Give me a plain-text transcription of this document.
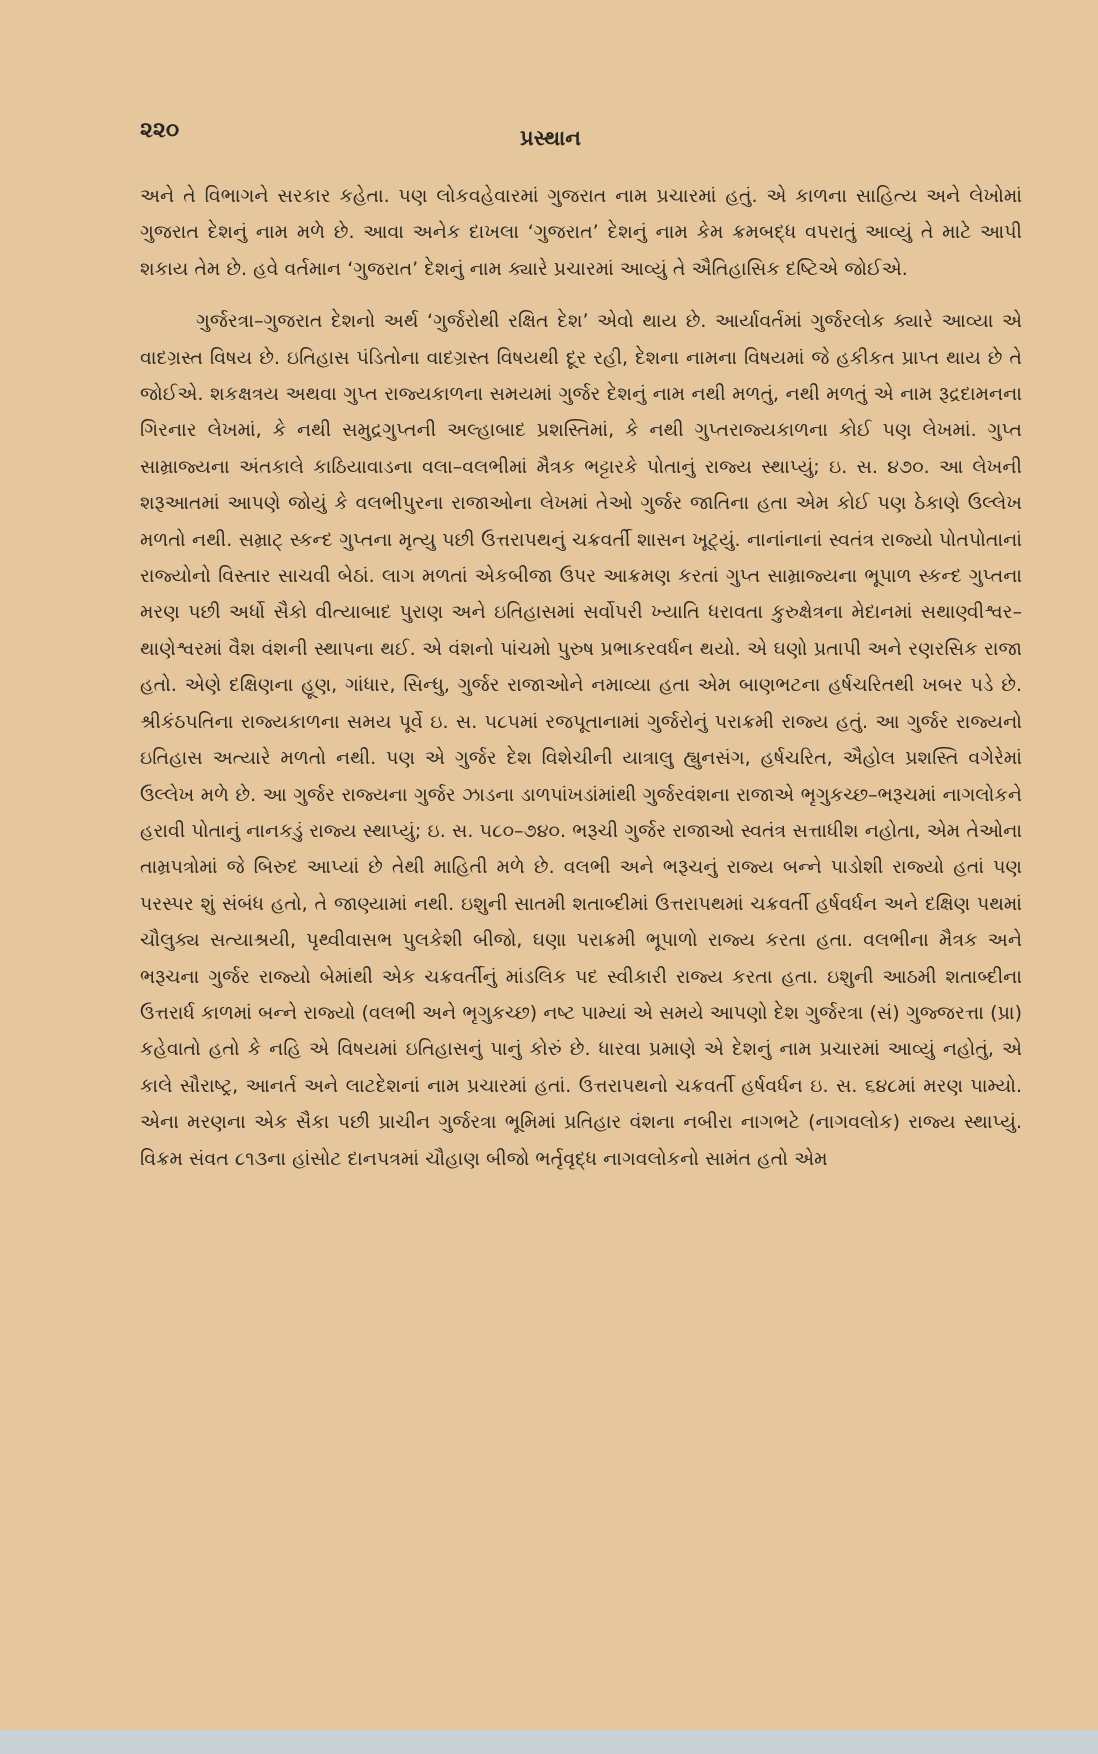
૨૨૦	પ્રસ્થાન

અને તે વિભાગને સરકાર કહેતા. પણ લોકવહેવારમાં ગુજરાત નામ પ્રચારમાં હતું. એ કાળના સાહિત્ય અને લેખોમાં ગુજરાત દેશનું નામ મળે છે. આવા અનેક દાખલા ‘ગુજરાત’ દેશનું નામ કેમ ક્રમબદ્ધ વપરાતું આવ્યું તે માટે આપી શકાય તેમ છે. હવે વર્તમાન ‘ગુજરાત’ દેશનું નામ ક્યારે પ્રચારમાં આવ્યું તે ઐતિહાસિક દષ્ટિએ જોઈએ.

ગુર્જરત્રા–ગુજરાત દેશનો અર્થ ‘ગુર્જરોથી રક્ષિત દેશ’ એવો થાય છે. આર્યાવર્તમાં ગુર્જરલોક ક્યારે આવ્યા એ વાદગ્રસ્ત વિષય છે. ઇતિહાસ પંડિતોના વાદગ્રસ્ત વિષયથી દૂર રહી, દેશના નામના વિષયમાં જે હકીકત પ્રાપ્ત થાય છે તે જોઈએ. શકક્ષત્રય અથવા ગુપ્ત રાજ્યકાળના સમયમાં ગુર્જર દેશનું નામ નથી મળતું, નથી મળતું એ નામ રૂદ્રદામનના ગિરનાર લેખમાં, કે નથી સમુદ્રગુપ્તની અલ્હાબાદ પ્રશસ્તિમાં, કે નથી ગુપ્તરાજ્યકાળના કોઈ પણ લેખમાં. ગુપ્ત સામ્રાજ્યના અંતકાલે કાઠિયાવાડના વલા–વલભીમાં મૈત્રક ભટ્ટારકે પોતાનું રાજ્ય સ્થાપ્યું; ઇ. સ. ૪૭૦. આ લેખની શરૂઆતમાં આપણે જોયું કે વલભીપુરના રાજાઓના લેખમાં તેઓ ગુર્જર જાતિના હતા એમ કોઈ પણ ઠેકાણે ઉલ્લેખ મળતો નથી. સમ્રાટ્ સ્કન્દ ગુપ્તના મૃત્યુ પછી ઉત્તરાપથનું ચક્રવર્તી શાસન ખૂટ્યું. નાનાંનાનાં સ્વતંત્ર રાજ્યો પોતપોતાનાં રાજ્યોનો વિસ્તાર સાચવી બેઠાં. લાગ મળતાં એકબીજા ઉપર આક્રમણ કરતાં ગુપ્ત સામ્રાજ્યના ભૂપાળ સ્કન્દ ગુપ્તના મરણ પછી અર્ધો સૈકો વીત્યાબાદ પુરાણ અને ઇતિહાસમાં સર્વોપરી ખ્યાતિ ધરાવતા કુરુક્ષેત્રના મેદાનમાં સથાણ્વીશ્વર–થાણેશ્વરમાં વૈશ વંશની સ્થાપના થઈ. એ વંશનો પાંચમો પુરુષ પ્રભાકરવર્ધન થયો. એ ઘણો પ્રતાપી અને રણરસિક રાજા હતો. એણે દક્ષિણના હૂણ, ગાંધાર, સિન્ધુ, ગુર્જર રાજાઓને નમાવ્યા હતા એમ બાણભટના હર્ષચરિતથી ખબર પડે છે. શ્રીકંઠપતિના રાજ્યકાળના સમય પૂર્વે ઇ. સ. ૫૮૫માં રજપૂતાનામાં ગુર્જરોનું પરાક્રમી રાજ્ય હતું. આ ગુર્જર રાજ્યનો ઇતિહાસ અત્યારે મળતો નથી. પણ એ ગુર્જર દેશ વિશેચીની યાત્રાલુ હ્યુનસંગ, હર્ષચરિત, ઐહોલ પ્રશસ્તિ વગેરેમાં ઉલ્લેખ મળે છે. આ ગુર્જર રાજ્યના ગુર્જર ઝાડના ડાળપાંખડાંમાંથી ગુર્જરવંશના રાજાએ ભૃગુકચ્છ–ભરૂચમાં નાગલોકને હરાવી પોતાનું નાનકડું રાજ્ય સ્થાપ્યું; ઇ. સ. ૫૮૦–૭૪૦. ભરૂચી ગુર્જર રાજાઓ સ્વતંત્ર સત્તાધીશ નહોતા, એમ તેઓના તામ્રપત્રોમાં જે બિરુદ આપ્યાં છે તેથી માહિતી મળે છે. વલભી અને ભરૂચનું રાજ્ય બન્ને પાડોશી રાજ્યો હતાં પણ પરસ્પર શું સંબંધ હતો, તે જાણ્યામાં નથી. ઇશુની સાતમી શતાબ્દીમાં ઉત્તરાપથમાં ચક્રવર્તી હર્ષવર્ધન અને દક્ષિણ પથમાં ચૌલુક્ય સત્યાશ્રયી, પૃથ્વીવાસભ પુલકેશી બીજો, ઘણા પરાક્રમી ભૂપાળો રાજ્ય કરતા હતા. વલભીના મૈત્રક અને ભરૂચના ગુર્જર રાજ્યો બેમાંથી એક ચક્રવર્તીનું માંડલિક પદ સ્વીકારી રાજ્ય કરતા હતા. ઇશુની આઠમી શતાબ્દીના ઉત્તરાર્ધ કાળમાં બન્ને રાજ્યો (વલભી અને ભૃગુકચ્છ) નષ્ટ પામ્યાં એ સમયે આપણો દેશ ગુર્જરત્રા (સં) ગુજ્જરત્તા (પ્રા) કહેવાતો હતો કે નહિ એ વિષયમાં ઇતિહાસનું પાનું કોરું છે. ધારવા પ્રમાણે એ દેશનું નામ પ્રચારમાં આવ્યું નહોતું, એ કાલે સૌરાષ્ટ્ર, આનર્ત અને લાટદેશનાં નામ પ્રચારમાં હતાં. ઉત્તરાપથનો ચક્રવર્તી હર્ષવર્ધન ઇ. સ. ૬૪૮માં મરણ પામ્યો. એના મરણના એક સૈકા પછી પ્રાચીન ગુર્જરત્રા ભૂમિમાં પ્રતિહાર વંશના નબીરા નાગભટે (નાગવલોક) રાજ્ય સ્થાપ્યું. વિક્રમ સંવત ૮૧૩ના હાંસોટ દાનપત્રમાં ચૌહાણ બીજો ભર્તૃવૃદ્ધ નાગવલોકનો સામંત હતો એમ
